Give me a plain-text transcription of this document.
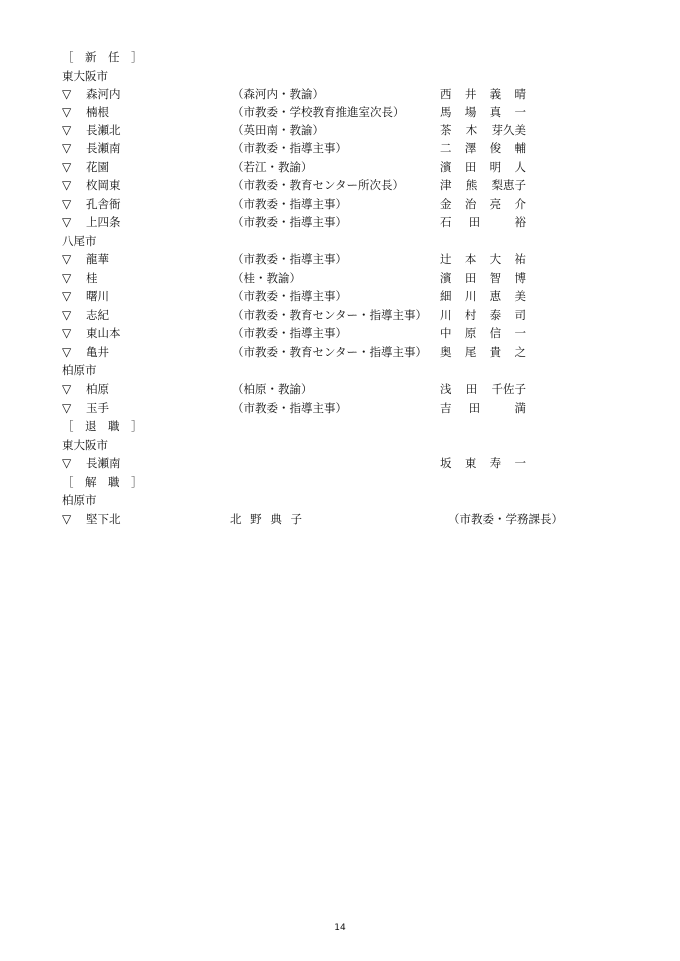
［　新　任　］
東大阪市
▽	森河内	（森河内・教諭）	西 井 義 晴
▽	楠根	（市教委・学校教育推進室次長）	馬 場 真 一
▽	長瀬北	（英田南・教諭）	茶 木 芽久美
▽	長瀬南	（市教委・指導主事）	二 澤 俊 輔
▽	花園	（若江・教諭）	濱 田 明 人
▽	枚岡東	（市教委・教育センター所次長）	津 熊 梨恵子
▽	孔舎衙	（市教委・指導主事）	金 治 亮 介
▽	上四条	（市教委・指導主事）	石 田	裕
八尾市
▽	龍華	（市教委・指導主事）	辻 本 大 祐
▽	桂	（桂・教諭）	濱 田 智 博
▽	曙川	（市教委・指導主事）	細 川 恵 美
▽	志紀	（市教委・教育センター・指導主事） 川 村 泰 司
▽	東山本	（市教委・指導主事）	中 原 信 一
▽	亀井	（市教委・教育センター・指導主事） 奥 尾 貴 之
柏原市
▽	柏原	（柏原・教諭）	浅 田 千佐子
▽	玉手	（市教委・指導主事）	吉 田	満
［　退　職　］
東大阪市
▽	長瀬南	坂 東 寿 一
［　解　職　］
柏原市
▽	堅下北	北 野 典 子	（市教委・学務課長）
14
